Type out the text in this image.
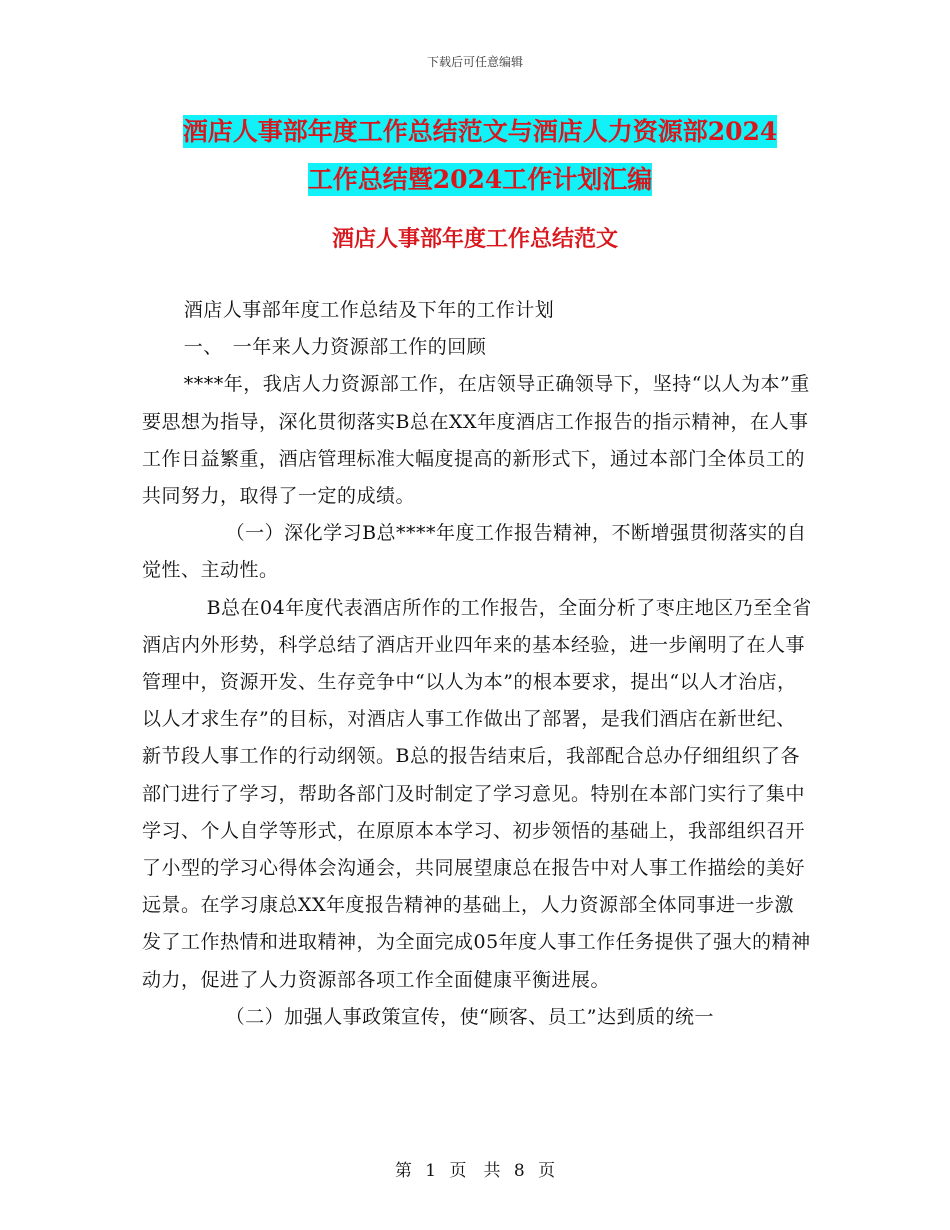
下载后可任意编辑
酒店人事部年度工作总结范文与酒店人力资源部2024
工作总结暨2024工作计划汇编
酒店人事部年度工作总结范文

酒店人事部年度工作总结及下年的工作计划

一、　一年来人力资源部工作的回顾

****年，我店人力资源部工作，在店领导正确领导下，坚持“以人为本”重要思想为指导，深化贯彻落实B总在XX年度酒店工作报告的指示精神，在人事工作日益繁重，酒店管理标准大幅度提高的新形式下，通过本部门全体员工的共同努力，取得了一定的成绩。

（一）深化学习B总****年度工作报告精神，不断增强贯彻落实的自觉性、主动性。

B总在04年度代表酒店所作的工作报告，全面分析了枣庄地区乃至全省酒店内外形势，科学总结了酒店开业四年来的基本经验，进一步阐明了在人事管理中，资源开发、生存竞争中“以人为本”的根本要求，提出“以人才治店，以人才求生存”的目标，对酒店人事工作做出了部署，是我们酒店在新世纪、新节段人事工作的行动纲领。B总的报告结束后，我部配合总办仔细组织了各部门进行了学习，帮助各部门及时制定了学习意见。特别在本部门实行了集中学习、个人自学等形式，在原原本本学习、初步领悟的基础上，我部组织召开了小型的学习心得体会沟通会，共同展望康总在报告中对人事工作描绘的美好远景。在学习康总XX年度报告精神的基础上，人力资源部全体同事进一步激发了工作热情和进取精神，为全面完成05年度人事工作任务提供了强大的精神动力，促进了人力资源部各项工作全面健康平衡进展。

（二）加强人事政策宣传，使“顾客、员工”达到质的统一

第 1 页　共 8 页
